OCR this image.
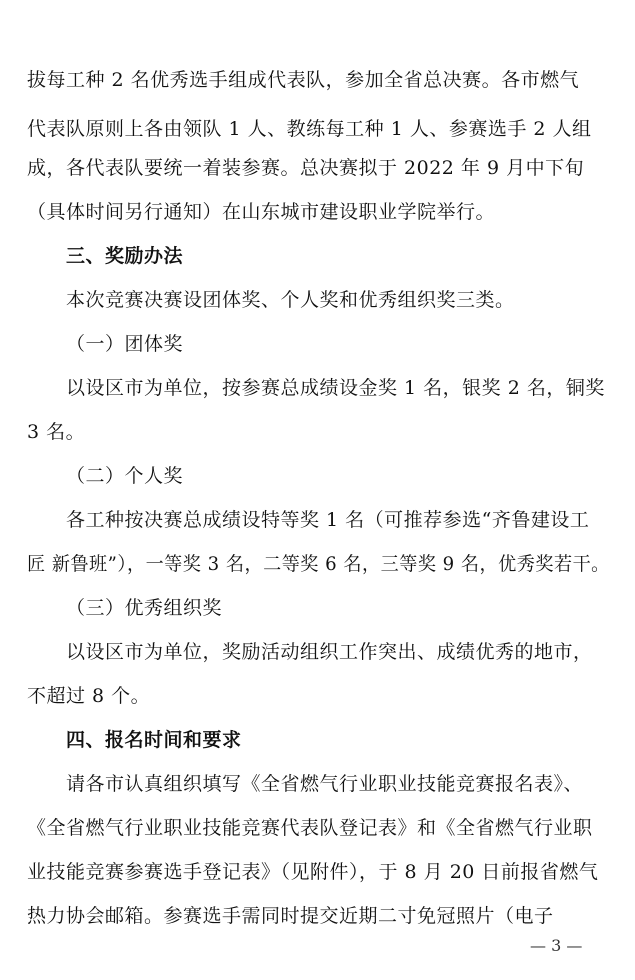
拔每工种 2 名优秀选手组成代表队，参加全省总决赛。各市燃气
代表队原则上各由领队 1 人、教练每工种 1 人、参赛选手 2 人组
成，各代表队要统一着装参赛。总决赛拟于 2022 年 9 月中下旬
（具体时间另行通知）在山东城市建设职业学院举行。
三、奖励办法
本次竞赛决赛设团体奖、个人奖和优秀组织奖三类。
（一）团体奖
以设区市为单位，按参赛总成绩设金奖 1 名，银奖 2 名，铜奖
3 名。
（二）个人奖
各工种按决赛总成绩设特等奖 1 名（可推荐参选“齐鲁建设工
匠 新鲁班”），一等奖 3 名，二等奖 6 名，三等奖 9 名，优秀奖若干。
（三）优秀组织奖
以设区市为单位，奖励活动组织工作突出、成绩优秀的地市，
不超过 8 个。
四、报名时间和要求
请各市认真组织填写《全省燃气行业职业技能竞赛报名表》、
《全省燃气行业职业技能竞赛代表队登记表》和《全省燃气行业职
业技能竞赛参赛选手登记表》（见附件），于 8 月 20 日前报省燃气
热力协会邮箱。参赛选手需同时提交近期二寸免冠照片（电子
— 3 —
